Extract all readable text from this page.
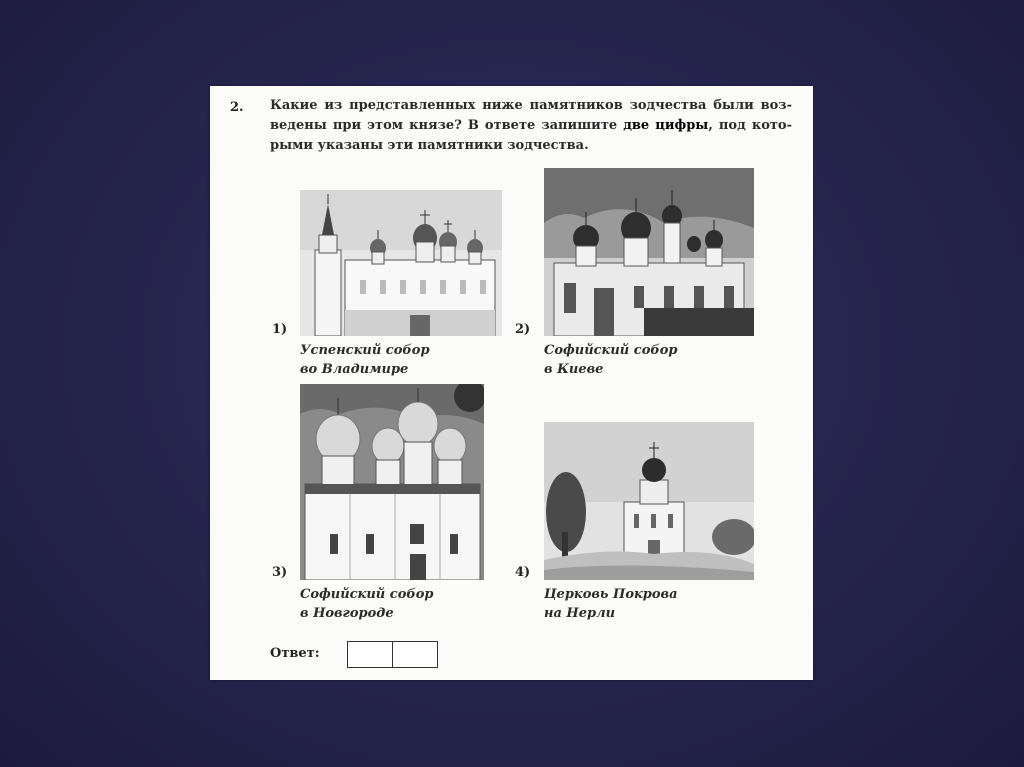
2. Какие из представленных ниже памятников зодчества были воз- ведены при этом князе? В ответе запишите две цифры, под кото- рыми указаны эти памятники зодчества.
1)
Успенский собор
во Владимире
2)
Софийский собор
в Киеве
3)
Софийский собор
в Новгороде
4)
Церковь Покрова
на Нерли
Ответ:
